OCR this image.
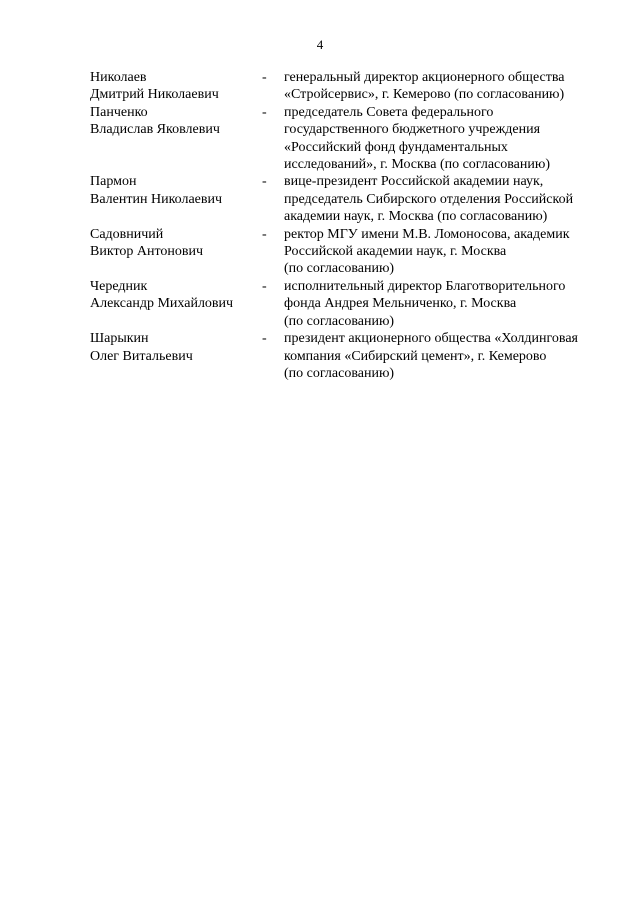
4
Николаев
Дмитрий Николаевич
-	генеральный директор акционерного общества
«Стройсервис», г. Кемерово (по согласованию)
Панченко
Владислав Яковлевич
-	председатель Совета федерального
государственного бюджетного учреждения
«Российский фонд фундаментальных
исследований», г. Москва (по согласованию)
Пармон
Валентин Николаевич
-	вице-президент Российской академии наук,
председатель Сибирского отделения Российской
академии наук, г. Москва (по согласованию)
Садовничий
Виктор Антонович
-	ректор МГУ имени М.В. Ломоносова, академик
Российской академии наук, г. Москва
(по согласованию)
Чередник
Александр Михайлович
-	исполнительный директор Благотворительного
фонда Андрея Мельниченко, г. Москва
(по согласованию)
Шарыкин
Олег Витальевич
-	президент акционерного общества «Холдинговая
компания «Сибирский цемент», г. Кемерово
(по согласованию)
